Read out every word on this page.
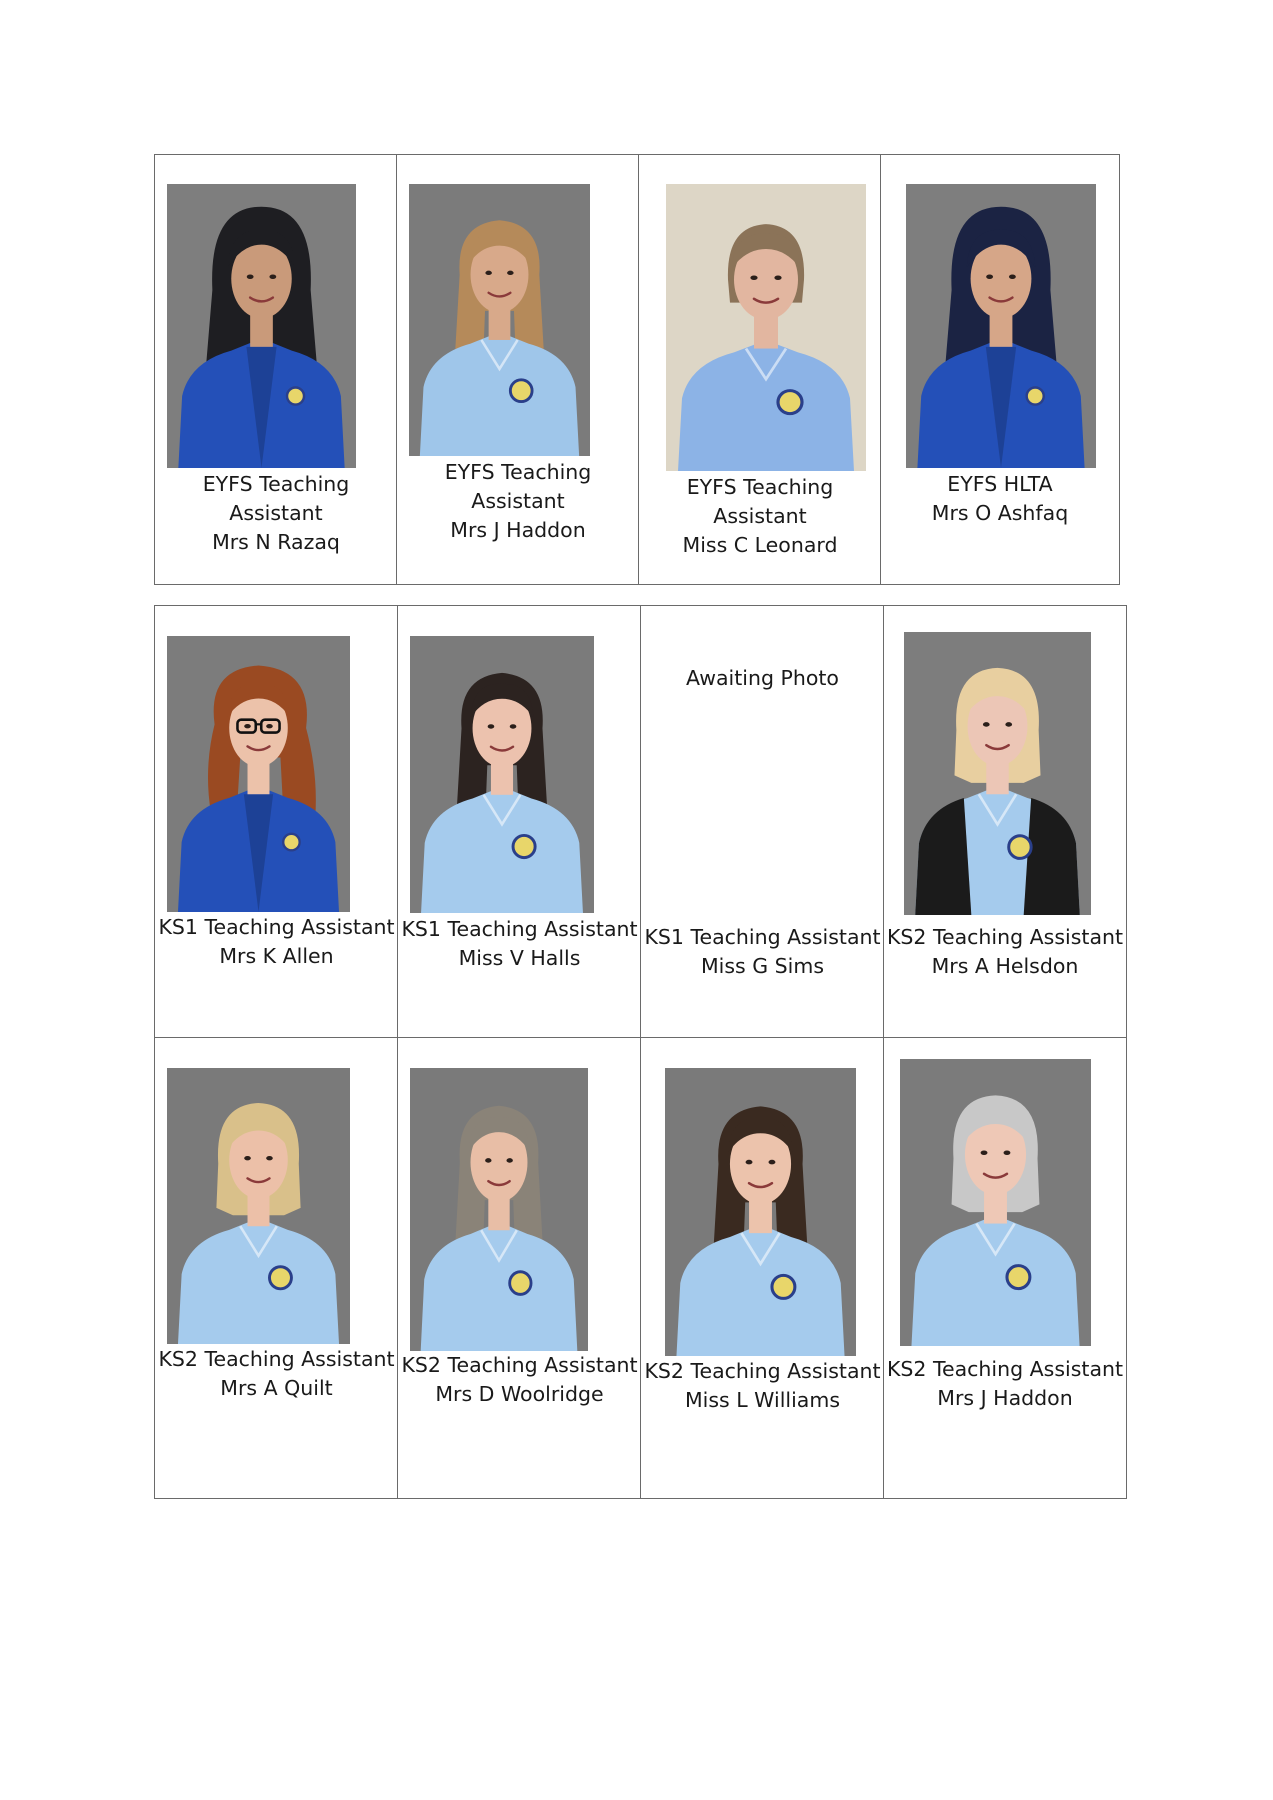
EYFS Teaching
Assistant
Mrs N Razaq
EYFS Teaching
Assistant
Mrs J Haddon
EYFS Teaching
Assistant
Miss C Leonard
EYFS HLTA
Mrs O Ashfaq
KS1 Teaching Assistant
Mrs K Allen
KS1 Teaching Assistant
Miss V Halls
Awaiting Photo
KS1 Teaching Assistant
Miss G Sims
KS2 Teaching Assistant
Mrs A Helsdon
KS2 Teaching Assistant
Mrs A Quilt
KS2 Teaching Assistant
Mrs D Woolridge
KS2 Teaching Assistant
Miss L Williams
KS2 Teaching Assistant
Mrs J Haddon
